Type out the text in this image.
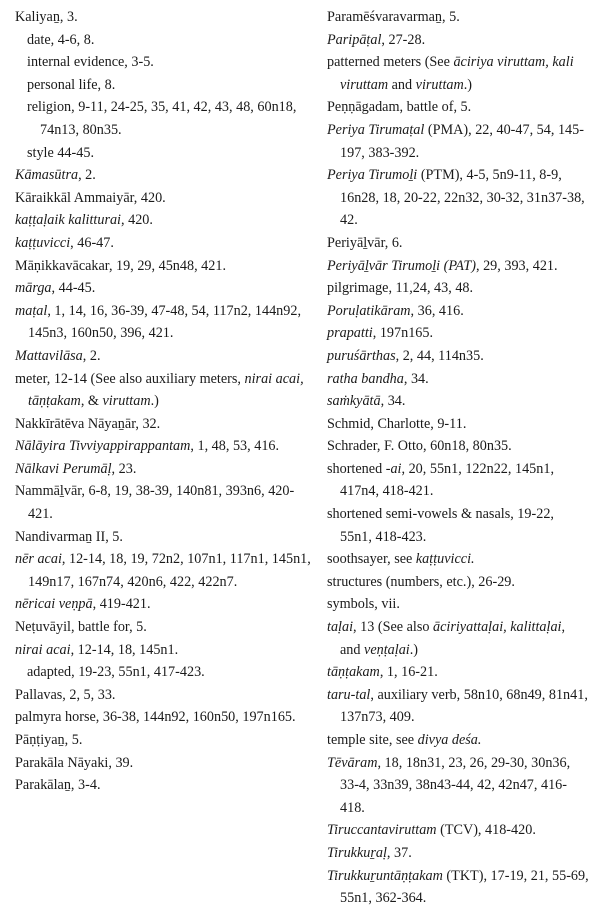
Kaliyaṉ, 3.
date, 4-6, 8.
internal evidence, 3-5.
personal life, 8.
religion, 9-11, 24-25, 35, 41, 42, 43, 48, 60n18, 74n13, 80n35.
style 44-45.
Kāmasūtra, 2.
Kāraikkāl Ammaiyār, 420.
kaṭṭaḷaik kalitturai, 420.
kaṭṭuvicci, 46-47.
Māṇikkavācakar, 19, 29, 45n48, 421.
mārga, 44-45.
maṭal, 1, 14, 16, 36-39, 47-48, 54, 117n2, 144n92, 145n3, 160n50, 396, 421.
Mattavilāsa, 2.
meter, 12-14 (See also auxiliary meters, nirai acai, tāṇṭakam, & viruttam.)
Nakkīrātēva Nāyaṉār, 32.
Nālāyira Tivviyappirappantam, 1, 48, 53, 416.
Nālkavi Perumāḷ, 23.
Nammāḻvār, 6-8, 19, 38-39, 140n81, 393n6, 420-421.
Nandivarmaṉ II, 5.
nēr acai, 12-14, 18, 19, 72n2, 107n1, 117n1, 145n1, 149n17, 167n74, 420n6, 422, 422n7.
nēricai veṇpā, 419-421.
Neṭuvāyil, battle for, 5.
nirai acai, 12-14, 18, 145n1.
adapted, 19-23, 55n1, 417-423.
Pallavas, 2, 5, 33.
palmyra horse, 36-38, 144n92, 160n50, 197n165.
Pāṇṭiyaṉ, 5.
Parakāla Nāyaki, 39.
Parakālaṉ, 3-4.
Paramēśvaravarmaṉ, 5.
Paripāṭal, 27-28.
patterned meters (See āciriya viruttam, kali viruttam and viruttam.)
Peṇṇāgadam, battle of, 5.
Periya Tirumaṭal (PMA), 22, 40-47, 54, 145-197, 383-392.
Periya Tirumoḻi (PTM), 4-5, 5n9-11, 8-9, 16n28, 18, 20-22, 22n32, 30-32, 31n37-38, 42.
Periyāḻvār, 6.
Periyāḻvār Tirumoḻi (PAT), 29, 393, 421.
pilgrimage, 11,24, 43, 48.
Poruḷatikāram, 36, 416.
prapatti, 197n165.
puruśārthas, 2, 44, 114n35.
ratha bandha, 34.
saṁkyātā, 34.
Schmid, Charlotte, 9-11.
Schrader, F. Otto, 60n18, 80n35.
shortened -ai, 20, 55n1, 122n22, 145n1, 417n4, 418-421.
shortened semi-vowels & nasals, 19-22, 55n1, 418-423.
soothsayer, see kaṭṭuvicci.
structures (numbers, etc.), 26-29.
symbols, vii.
taḷai, 13 (See also āciriyattaḷai, kalittaḷai, and veṇṭaḷai.)
tāṇṭakam, 1, 16-21.
taru-tal, auxiliary verb, 58n10, 68n49, 81n41, 137n73, 409.
temple site, see divya deśa.
Tēvāram, 18, 18n31, 23, 26, 29-30, 30n36, 33-4, 33n39, 38n43-44, 42, 42n47, 416-418.
Tiruccantaviruttam (TCV), 418-420.
Tirukkuṟaḷ, 37.
Tirukkuṟuntāṇṭakam (TKT), 17-19, 21, 55-69, 55n1, 362-364.
